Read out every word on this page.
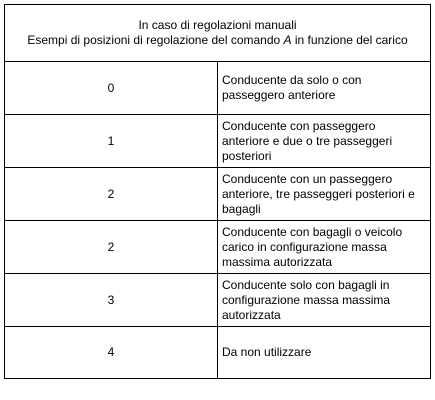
In caso di regolazioni manuali
Esempi di posizioni di regolazione del comando A in funzione del carico	

0	Conducente da solo o con passeggero anteriore
1	Conducente con passeggero anteriore e due o tre passeggeri posteriori
2	Conducente con un passeggero anteriore, tre passeggeri posteriori e bagagli
2	Conducente con bagagli o veicolo carico in configurazione massa massima autorizzata
3	Conducente solo con bagagli in configurazione massa massima autorizzata
4	Da non utilizzare
